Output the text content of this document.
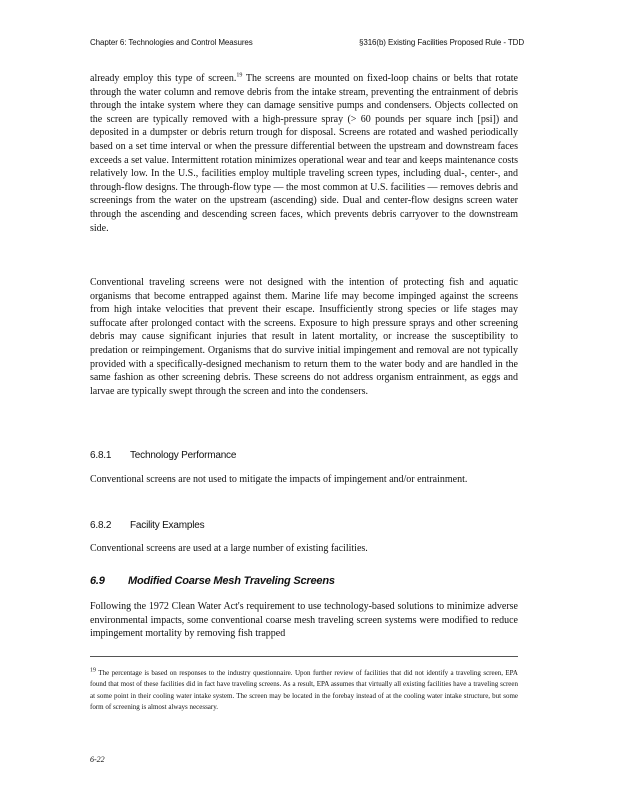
Chapter 6: Technologies and Control Measures	§316(b) Existing Facilities Proposed Rule - TDD

already employ this type of screen.$^{19}$ The screens are mounted on fixed-loop chains or belts that rotate through the water column and remove debris from the intake stream, preventing the entrainment of debris through the intake system where they can damage sensitive pumps and condensers. Objects collected on the screen are typically removed with a high-pressure spray (> 60 pounds per square inch [psi]) and deposited in a dumpster or debris return trough for disposal. Screens are rotated and washed periodically based on a set time interval or when the pressure differential between the upstream and downstream faces exceeds a set value. Intermittent rotation minimizes operational wear and tear and keeps maintenance costs relatively low. In the U.S., facilities employ multiple traveling screen types, including dual-, center-, and through-flow designs. The through-flow type — the most common at U.S. facilities — removes debris and screenings from the water on the upstream (ascending) side. Dual and center-flow designs screen water through the ascending and descending screen faces, which prevents debris carryover to the downstream side.

Conventional traveling screens were not designed with the intention of protecting fish and aquatic organisms that become entrapped against them. Marine life may become impinged against the screens from high intake velocities that prevent their escape. Insufficiently strong species or life stages may suffocate after prolonged contact with the screens. Exposure to high pressure sprays and other screening debris may cause significant injuries that result in latent mortality, or increase the susceptibility to predation or reimpingement. Organisms that do survive initial impingement and removal are not typically provided with a specifically-designed mechanism to return them to the water body and are handled in the same fashion as other screening debris. These screens do not address organism entrainment, as eggs and larvae are typically swept through the screen and into the condensers.

6.8.1 Technology Performance

Conventional screens are not used to mitigate the impacts of impingement and/or entrainment.

6.8.2 Facility Examples

Conventional screens are used at a large number of existing facilities.

6.9 Modified Coarse Mesh Traveling Screens

Following the 1972 Clean Water Act's requirement to use technology-based solutions to minimize adverse environmental impacts, some conventional coarse mesh traveling screen systems were modified to reduce impingement mortality by removing fish trapped

$^{19}$ The percentage is based on responses to the industry questionnaire. Upon further review of facilities that did not identify a traveling screen, EPA found that most of these facilities did in fact have traveling screens. As a result, EPA assumes that virtually all existing facilities have a traveling screen at some point in their cooling water intake system. The screen may be located in the forebay instead of at the cooling water intake structure, but some form of screening is almost always necessary.

6-22
